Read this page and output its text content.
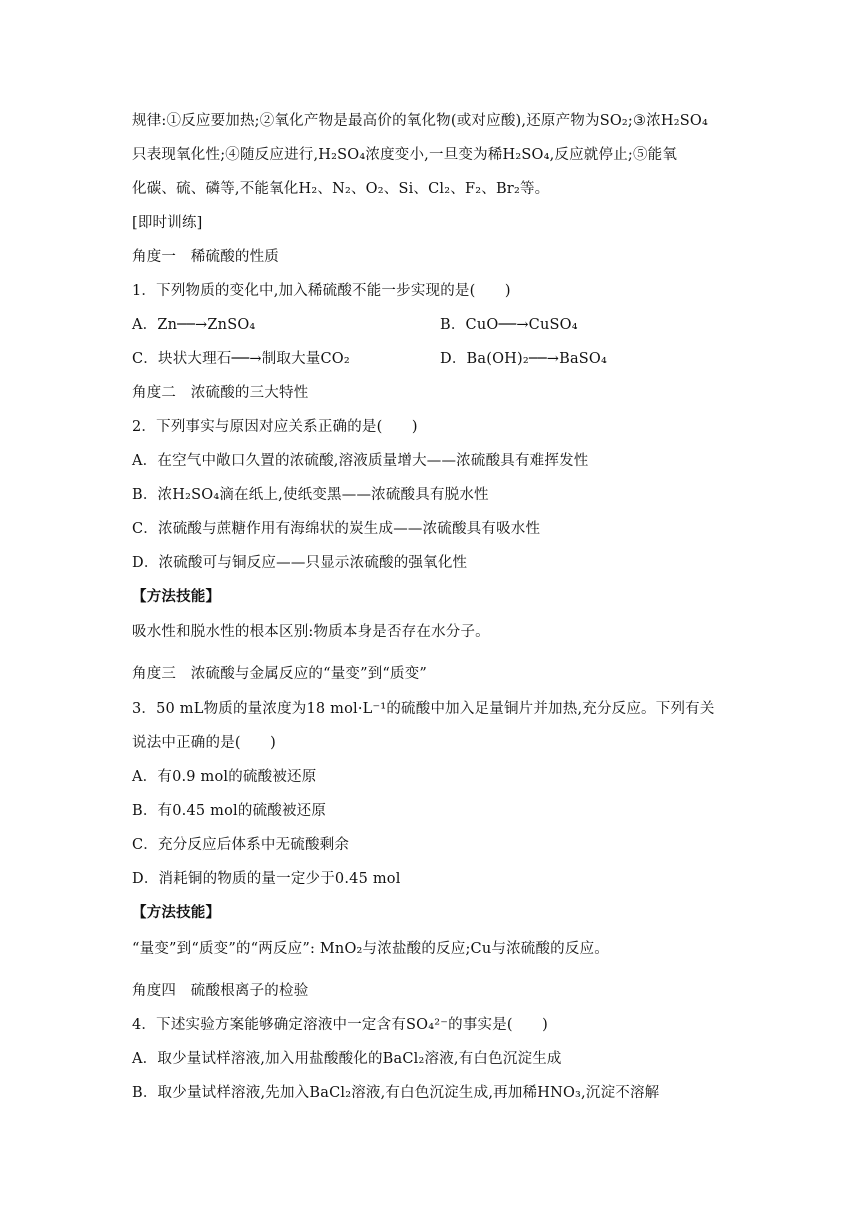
规律:①反应要加热;②氧化产物是最高价的氧化物(或对应酸),还原产物为SO₂;③浓H₂SO₄
只表现氧化性;④随反应进行,H₂SO₄浓度变小,一旦变为稀H₂SO₄,反应就停止;⑤能氧
化碳、硫、磷等,不能氧化H₂、N₂、O₂、Si、Cl₂、F₂、Br₂等。
[即时训练]
角度一　稀硫酸的性质
1．下列物质的变化中,加入稀硫酸不能一步实现的是(　　)
A．Zn──→ZnSO₄	B．CuO──→CuSO₄
C．块状大理石──→制取大量CO₂	D．Ba(OH)₂──→BaSO₄
角度二　浓硫酸的三大特性
2．下列事实与原因对应关系正确的是(　　)
A．在空气中敞口久置的浓硫酸,溶液质量增大——浓硫酸具有难挥发性
B．浓H₂SO₄滴在纸上,使纸变黑——浓硫酸具有脱水性
C．浓硫酸与蔗糖作用有海绵状的炭生成——浓硫酸具有吸水性
D．浓硫酸可与铜反应——只显示浓硫酸的强氧化性
【方法技能】
吸水性和脱水性的根本区别:物质本身是否存在水分子。
角度三　浓硫酸与金属反应的“量变”到“质变”
3．50 mL物质的量浓度为18 mol·L⁻¹的硫酸中加入足量铜片并加热,充分反应。下列有关
说法中正确的是(　　)
A．有0.9 mol的硫酸被还原
B．有0.45 mol的硫酸被还原
C．充分反应后体系中无硫酸剩余
D．消耗铜的物质的量一定少于0.45 mol
【方法技能】
“量变”到“质变”的“两反应”: MnO₂与浓盐酸的反应;Cu与浓硫酸的反应。
角度四　硫酸根离子的检验
4．下述实验方案能够确定溶液中一定含有SO₄²⁻的事实是(　　)
A．取少量试样溶液,加入用盐酸酸化的BaCl₂溶液,有白色沉淀生成
B．取少量试样溶液,先加入BaCl₂溶液,有白色沉淀生成,再加稀HNO₃,沉淀不溶解
